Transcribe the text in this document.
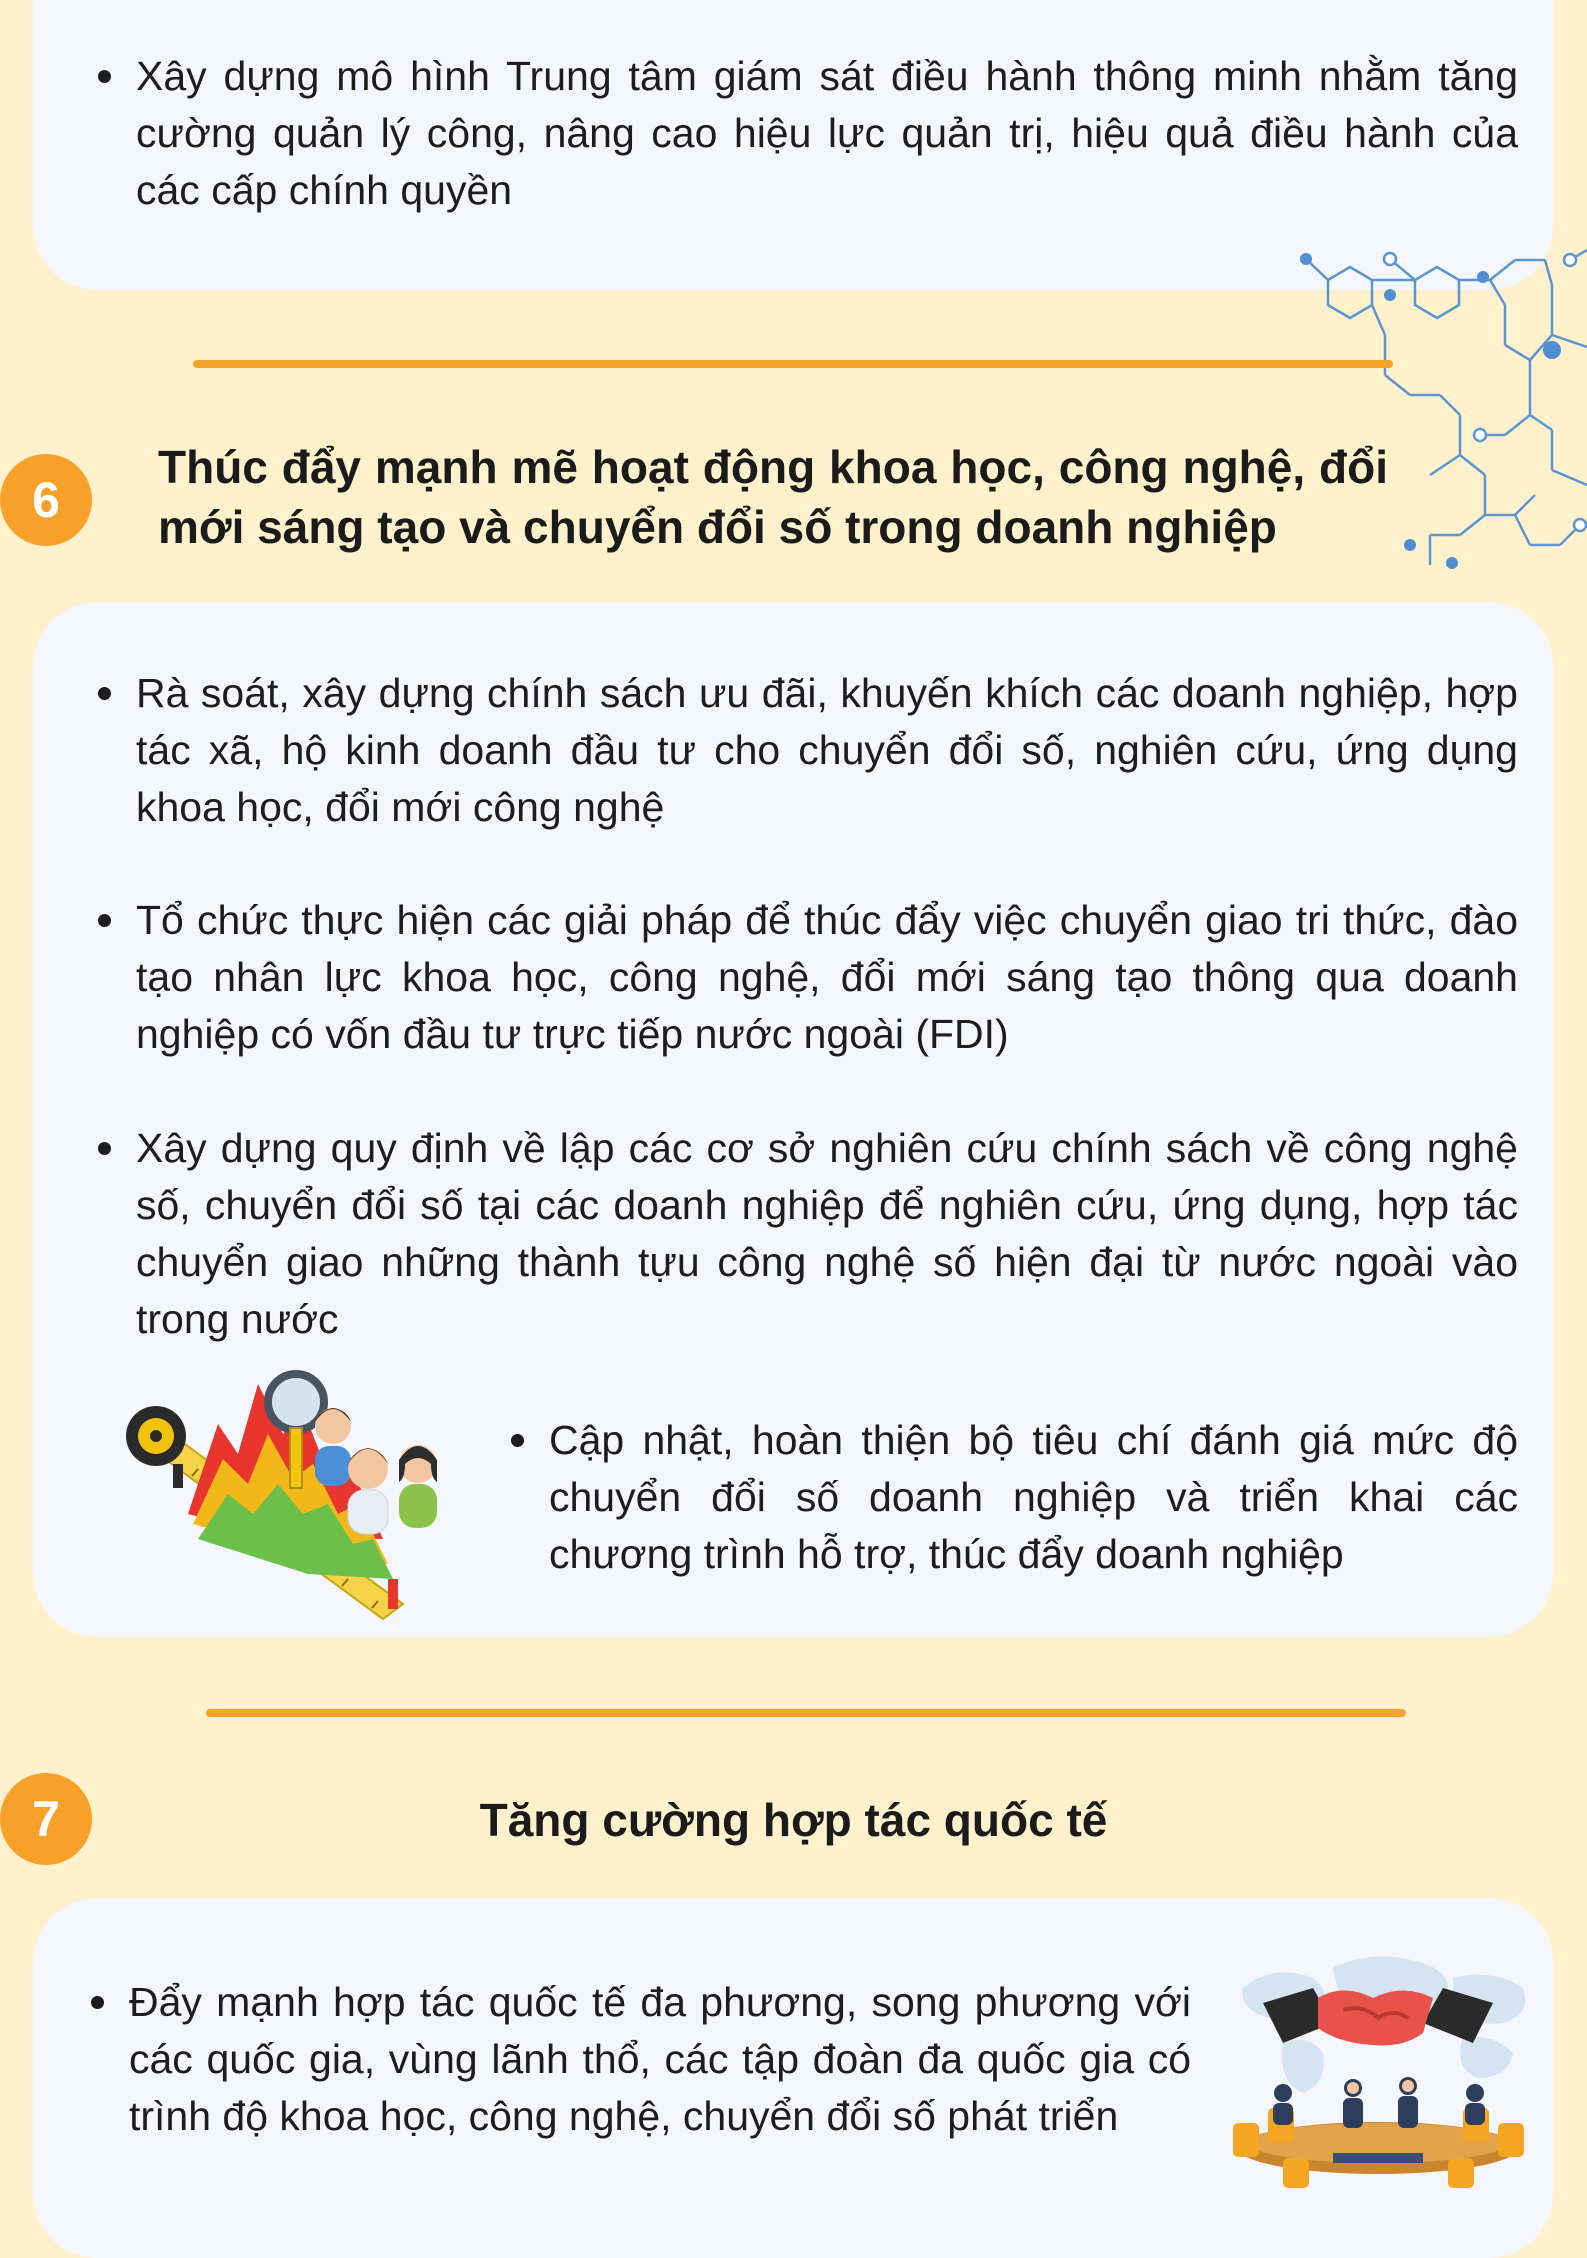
Xây dựng mô hình Trung tâm giám sát điều hành thông minh nhằm tăng cường quản lý công, nâng cao hiệu lực quản trị, hiệu quả điều hành của các cấp chính quyền
6
Thúc đẩy mạnh mẽ hoạt động khoa học, công nghệ, đổi mới sáng tạo và chuyển đổi số trong doanh nghiệp
Rà soát, xây dựng chính sách ưu đãi, khuyến khích các doanh nghiệp, hợp tác xã, hộ kinh doanh đầu tư cho chuyển đổi số, nghiên cứu, ứng dụng khoa học, đổi mới công nghệ
Tổ chức thực hiện các giải pháp để thúc đẩy việc chuyển giao tri thức, đào tạo nhân lực khoa học, công nghệ, đổi mới sáng tạo thông qua doanh nghiệp có vốn đầu tư trực tiếp nước ngoài (FDI)
Xây dựng quy định về lập các cơ sở nghiên cứu chính sách về công nghệ số, chuyển đổi số tại các doanh nghiệp để nghiên cứu, ứng dụng, hợp tác chuyển giao những thành tựu công nghệ số hiện đại từ nước ngoài vào trong nước
Cập nhật, hoàn thiện bộ tiêu chí đánh giá mức độ chuyển đổi số doanh nghiệp và triển khai các chương trình hỗ trợ, thúc đẩy doanh nghiệp
7	Tăng cường hợp tác quốc tế
Đẩy mạnh hợp tác quốc tế đa phương, song phương với các quốc gia, vùng lãnh thổ, các tập đoàn đa quốc gia có trình độ khoa học, công nghệ, chuyển đổi số phát triển
